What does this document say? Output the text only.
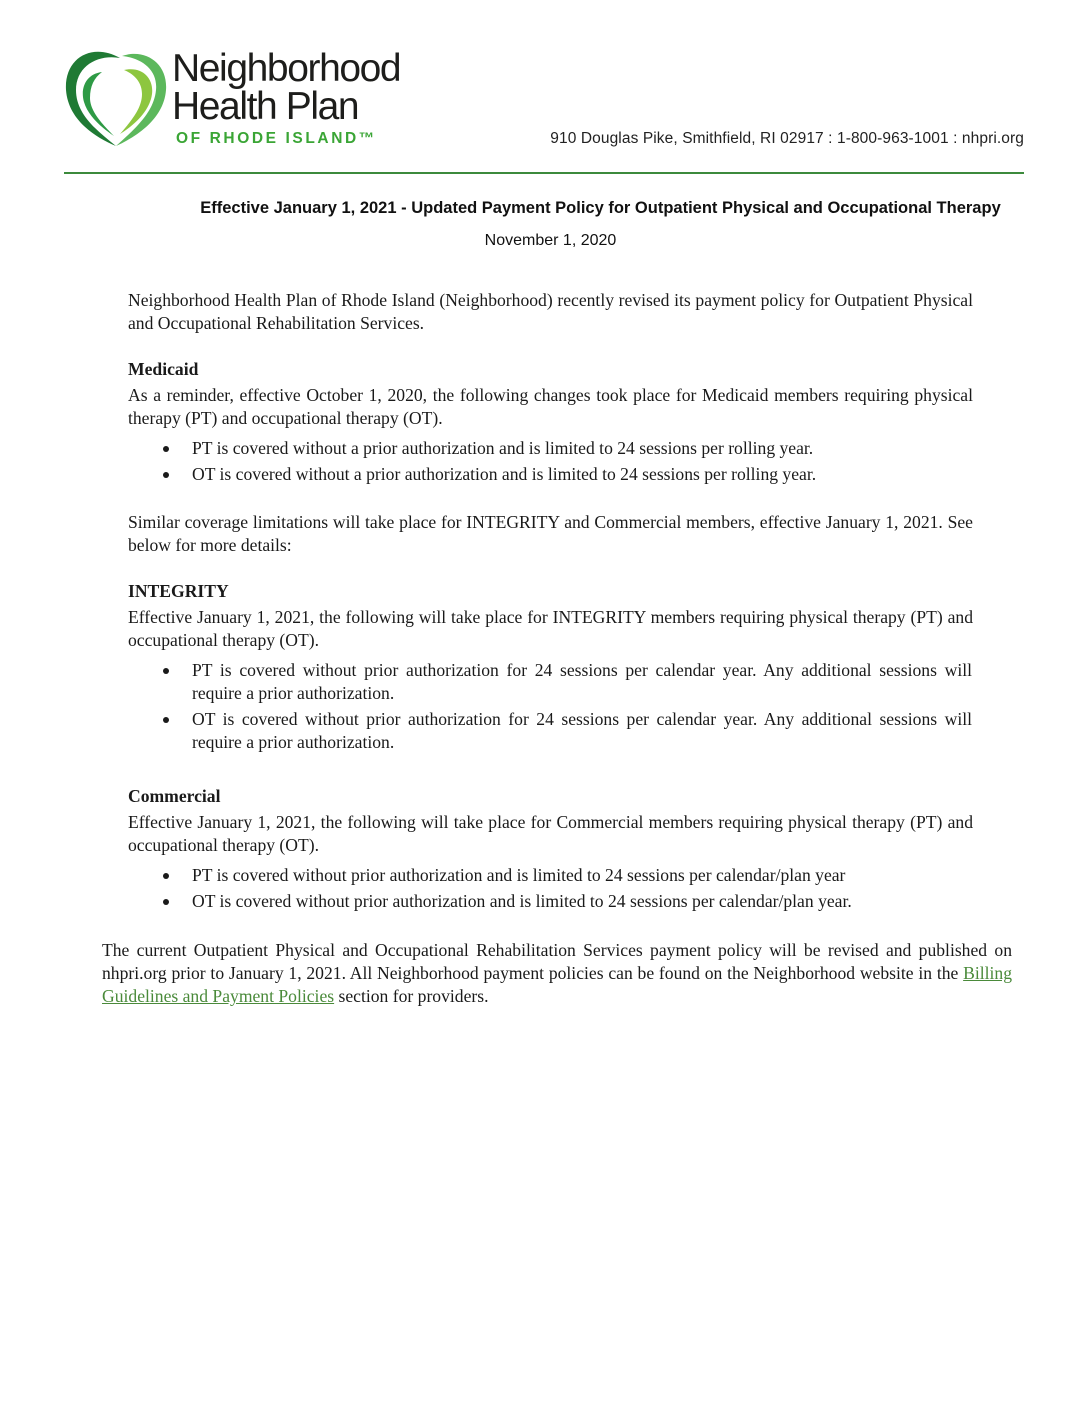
Neighborhood
Health Plan
OF RHODE ISLAND™	910 Douglas Pike, Smithfield, RI 02917 : 1-800-963-1001 : nhpri.org
Effective January 1, 2021 - Updated Payment Policy for Outpatient Physical and Occupational Therapy
November 1, 2020

Neighborhood Health Plan of Rhode Island (Neighborhood) recently revised its payment policy for Outpatient Physical and Occupational Rehabilitation Services.

Medicaid

As a reminder, effective October 1, 2020, the following changes took place for Medicaid members requiring physical therapy (PT) and occupational therapy (OT).

PT is covered without a prior authorization and is limited to 24 sessions per rolling year.
OT is covered without a prior authorization and is limited to 24 sessions per rolling year.

Similar coverage limitations will take place for INTEGRITY and Commercial members, effective January 1, 2021. See below for more details:

INTEGRITY

Effective January 1, 2021, the following will take place for INTEGRITY members requiring physical therapy (PT) and occupational therapy (OT).

PT is covered without prior authorization for 24 sessions per calendar year. Any additional sessions will require a prior authorization.
OT is covered without prior authorization for 24 sessions per calendar year. Any additional sessions will require a prior authorization.

Commercial

Effective January 1, 2021, the following will take place for Commercial members requiring physical therapy (PT) and occupational therapy (OT).

PT is covered without prior authorization and is limited to 24 sessions per calendar/plan year
OT is covered without prior authorization and is limited to 24 sessions per calendar/plan year.

The current Outpatient Physical and Occupational Rehabilitation Services payment policy will be revised and published on nhpri.org prior to January 1, 2021. All Neighborhood payment policies can be found on the Neighborhood website in the Billing Guidelines and Payment Policies section for providers.
